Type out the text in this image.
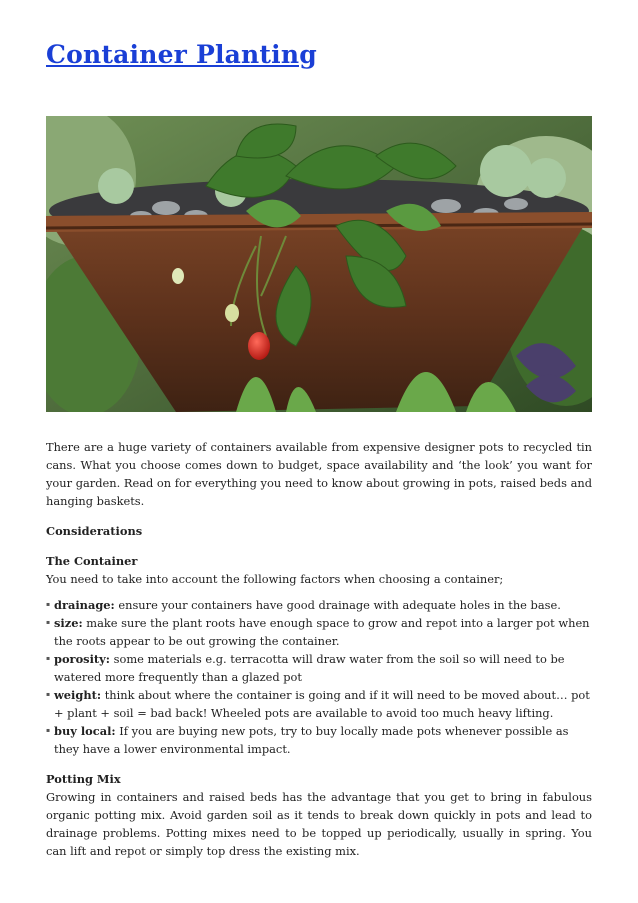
Container Planting

There are a huge variety of containers available from expensive designer pots to recycled tin cans. What you choose comes down to budget, space availability and ‘the look’ you want for your garden. Read on for everything you need to know about growing in pots, raised beds and hanging baskets.

Considerations

The Container

You need to take into account the following factors when choosing a container;

▪ drainage: ensure your containers have good drainage with adequate holes in the base.
▪ size: make sure the plant roots have enough space to grow and repot into a larger pot when the roots appear to be out growing the container.
▪ porosity: some materials e.g. terracotta will draw water from the soil so will need to be watered more frequently than a glazed pot
▪ weight: think about where the container is going and if it will need to be moved about… pot + plant + soil = bad back! Wheeled pots are available to avoid too much heavy lifting.
▪ buy local: If you are buying new pots, try to buy locally made pots whenever possible as they have a lower environmental impact.

Potting Mix

Growing in containers and raised beds has the advantage that you get to bring in fabulous organic potting mix. Avoid garden soil as it tends to break down quickly in pots and lead to drainage problems. Potting mixes need to be topped up periodically, usually in spring. You can lift and repot or simply top dress the existing mix.
